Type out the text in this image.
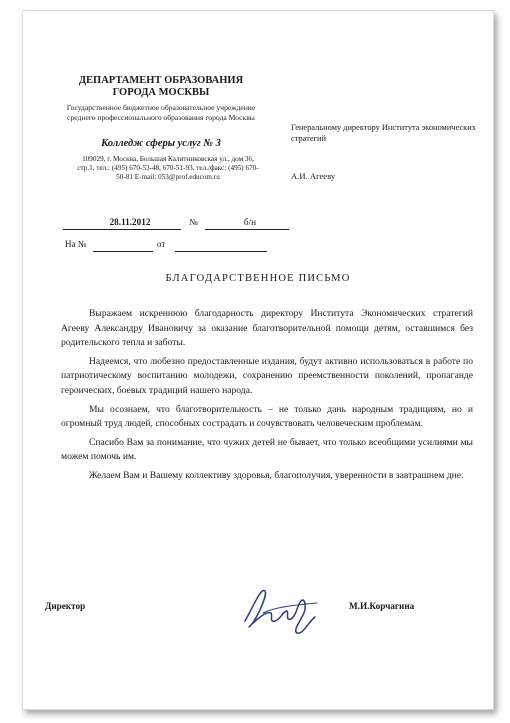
ДЕПАРТАМЕНТ ОБРАЗОВАНИЯ ГОРОДА МОСКВЫ
Государственное бюджетное образовательное учреждение среднего профессионального образования города Москвы
Колледж сферы услуг № 3
109029, г. Москва, Большая Калитниковская ул., дом 36, стр.1, тел.: (495) 670-53-48, 670-51-93, тел./факс: (495) 670-50-81 E-mail: 053@prof.educom.ru
Генеральному директору Института экономических стратегий
А.И. Агееву
28.11.2012	№	б/н
На №	от
БЛАГОДАРСТВЕННОЕ ПИСЬМО

Выражаем искреннюю благодарность директору Института Экономических стратегий Агееву Александру Ивановичу за оказание благотворительной помощи детям, оставшимся без родительского тепла и заботы.

Надеемся, что любезно предоставленные издания, будут активно использоваться в работе по патриотическому воспитанию молодежи, сохранению преемственности поколений, пропаганде героических, боевых традиций нашего народа.

Мы осознаем, что благотворительность – не только дань народным традициям, но и огромный труд людей, способных сострадать и сочувствовать человеческим проблемам.

Спасибо Вам за понимание, что чужих детей не бывает, что только всеобщими усилиями мы можем помочь им.

Желаем Вам и Вашему коллективу здоровья, благополучия, уверенности в завтрашнем дне.

Директор	М.И.Корчагина
